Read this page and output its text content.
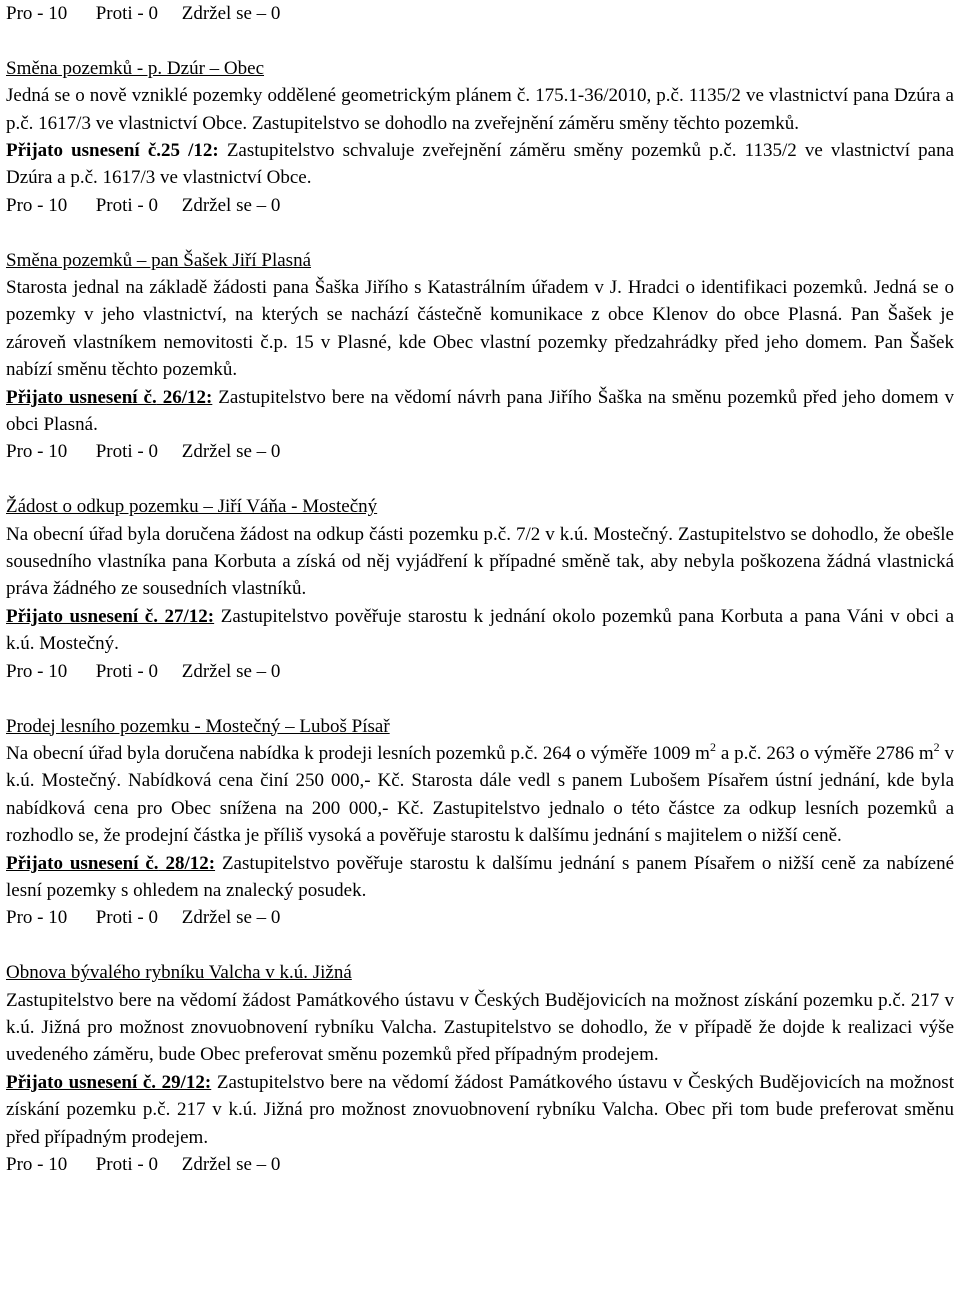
Pro - 10      Proti - 0     Zdržel se – 0

Směna pozemků - p. Dzúr – Obec

Jedná se o nově vzniklé pozemky oddělené geometrickým plánem č. 175.1-36/2010, p.č. 1135/2 ve vlastnictví pana Dzúra a p.č. 1617/3 ve vlastnictví Obce. Zastupitelstvo se dohodlo na zveřejnění záměru směny těchto pozemků.

Přijato usnesení č.25 /12: Zastupitelstvo schvaluje zveřejnění záměru směny pozemků p.č. 1135/2 ve vlastnictví pana Dzúra a p.č. 1617/3 ve vlastnictví Obce.

Pro - 10      Proti - 0     Zdržel se – 0

Směna pozemků – pan Šašek Jiří Plasná

Starosta jednal na základě žádosti pana Šaška Jiřího s Katastrálním úřadem v J. Hradci o identifikaci pozemků. Jedná se o pozemky v jeho vlastnictví, na kterých se nachází částečně komunikace z obce Klenov do obce Plasná. Pan Šašek je zároveň vlastníkem nemovitosti č.p. 15 v Plasné, kde Obec vlastní pozemky předzahrádky před jeho domem. Pan Šašek nabízí směnu těchto pozemků.

Přijato usnesení č. 26/12: Zastupitelstvo bere na vědomí návrh pana Jiřího Šaška na směnu pozemků před jeho domem v obci Plasná.

Pro - 10      Proti - 0     Zdržel se – 0

Žádost o odkup pozemku – Jiří Váňa - Mostečný

Na obecní úřad byla doručena žádost na odkup části pozemku p.č. 7/2 v k.ú. Mostečný. Zastupitelstvo se dohodlo, že obešle sousedního vlastníka pana Korbuta a získá od něj vyjádření k případné směně tak, aby nebyla poškozena žádná vlastnická práva žádného ze sousedních vlastníků.

Přijato usnesení č. 27/12: Zastupitelstvo pověřuje starostu k jednání okolo pozemků pana Korbuta a pana Váni v obci a k.ú. Mostečný.

Pro - 10      Proti - 0     Zdržel se – 0

Prodej lesního pozemku - Mostečný – Luboš Písař

Na obecní úřad byla doručena nabídka k prodeji lesních pozemků p.č. 264 o výměře 1009 $m^2$ a p.č. 263 o výměře 2786 $m^2$ v k.ú. Mostečný. Nabídková cena činí 250 000,- Kč. Starosta dále vedl s panem Lubošem Písařem ústní jednání, kde byla nabídková cena pro Obec snížena na 200 000,- Kč. Zastupitelstvo jednalo o této částce za odkup lesních pozemků a rozhodlo se, že prodejní částka je příliš vysoká a pověřuje starostu k dalšímu jednání s majitelem o nižší ceně.

Přijato usnesení č. 28/12: Zastupitelstvo pověřuje starostu k dalšímu jednání s panem Písařem o nižší ceně za nabízené lesní pozemky s ohledem na znalecký posudek.

Pro - 10      Proti - 0     Zdržel se – 0

Obnova bývalého rybníku Valcha v k.ú. Jižná

Zastupitelstvo bere na vědomí žádost Památkového ústavu v Českých Budějovicích na možnost získání pozemku p.č. 217 v k.ú. Jižná pro možnost znovuobnovení rybníku Valcha. Zastupitelstvo se dohodlo, že v případě že dojde k realizaci výše uvedeného záměru, bude Obec preferovat směnu pozemků před případným prodejem.

Přijato usnesení č. 29/12: Zastupitelstvo bere na vědomí žádost Památkového ústavu v Českých Budějovicích na možnost získání pozemku p.č. 217 v k.ú. Jižná pro možnost znovuobnovení rybníku Valcha. Obec při tom bude preferovat směnu před případným prodejem.

Pro - 10      Proti - 0     Zdržel se – 0
